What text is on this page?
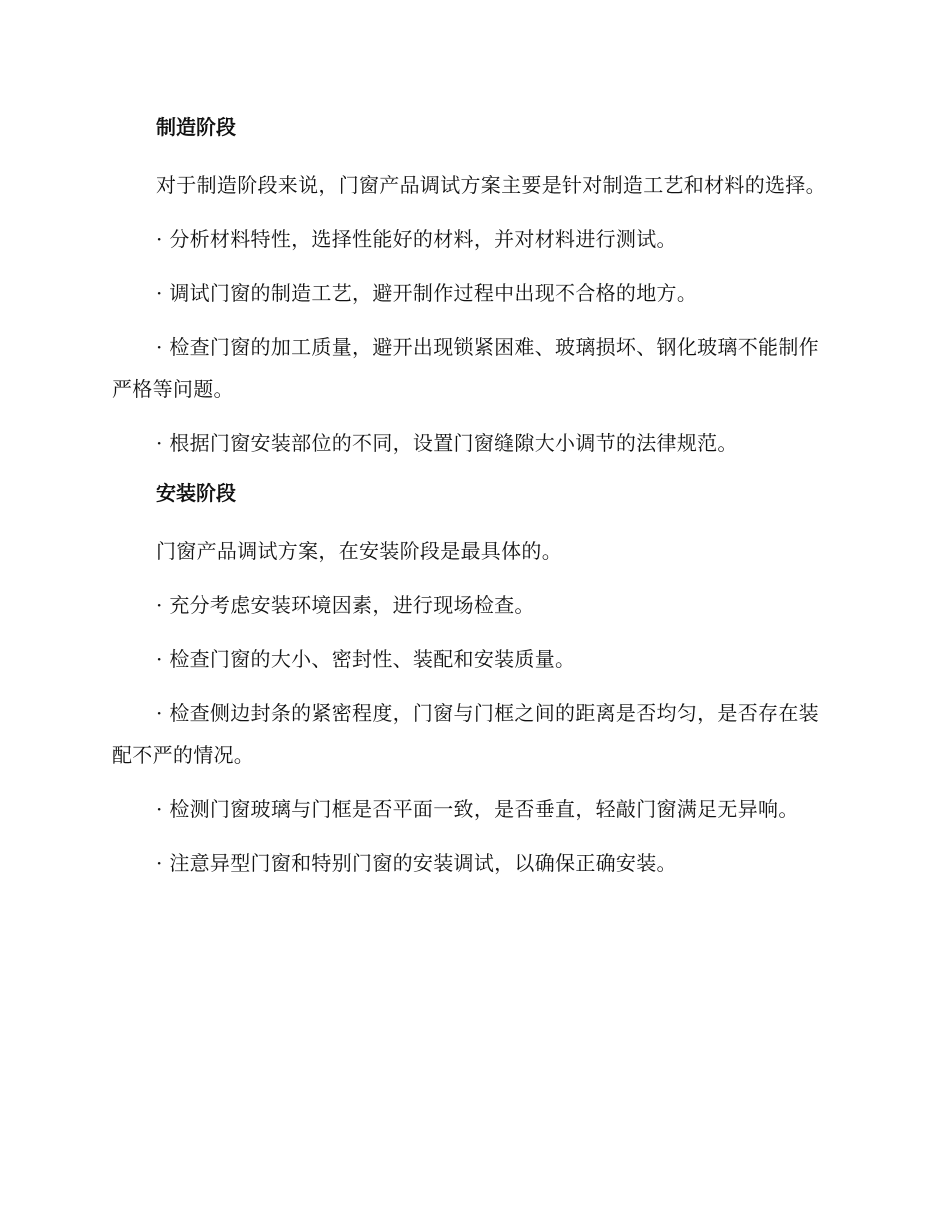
制造阶段

对于制造阶段来说，门窗产品调试方案主要是针对制造工艺和材料的选择。

· 分析材料特性，选择性能好的材料，并对材料进行测试。

· 调试门窗的制造工艺，避开制作过程中出现不合格的地方。

· 检查门窗的加工质量，避开出现锁紧困难、玻璃损坏、钢化玻璃不能制作严格等问题。

· 根据门窗安装部位的不同，设置门窗缝隙大小调节的法律规范。

安装阶段

门窗产品调试方案，在安装阶段是最具体的。

· 充分考虑安装环境因素，进行现场检查。

· 检查门窗的大小、密封性、装配和安装质量。

· 检查侧边封条的紧密程度，门窗与门框之间的距离是否均匀，是否存在装配不严的情况。

· 检测门窗玻璃与门框是否平面一致，是否垂直，轻敲门窗满足无异响。

· 注意异型门窗和特别门窗的安装调试，以确保正确安装。
